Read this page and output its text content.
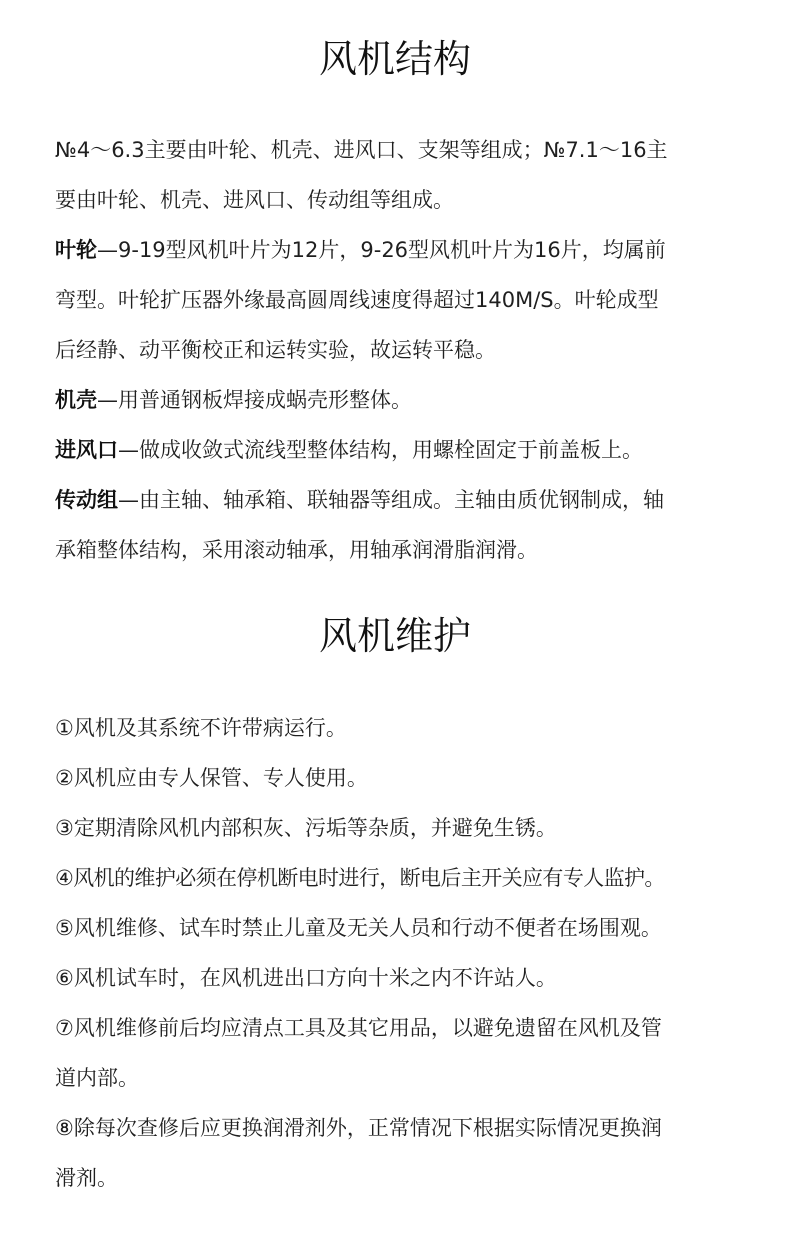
风机结构
№4～6.3主要由叶轮、机壳、进风口、支架等组成；№7.1～16主
要由叶轮、机壳、进风口、传动组等组成。
叶轮—9-19型风机叶片为12片，9-26型风机叶片为16片，均属前
弯型。叶轮扩压器外缘最高圆周线速度得超过140M/S。叶轮成型
后经静、动平衡校正和运转实验，故运转平稳。
机壳—用普通钢板焊接成蜗壳形整体。
进风口—做成收敛式流线型整体结构，用螺栓固定于前盖板上。
传动组—由主轴、轴承箱、联轴器等组成。主轴由质优钢制成，轴
承箱整体结构，采用滚动轴承，用轴承润滑脂润滑。
风机维护
①风机及其系统不许带病运行。
②风机应由专人保管、专人使用。
③定期清除风机内部积灰、污垢等杂质，并避免生锈。
④风机的维护必须在停机断电时进行，断电后主开关应有专人监护。
⑤风机维修、试车时禁止儿童及无关人员和行动不便者在场围观。
⑥风机试车时，在风机进出口方向十米之内不许站人。
⑦风机维修前后均应清点工具及其它用品，以避免遗留在风机及管
道内部。
⑧除每次查修后应更换润滑剂外，正常情况下根据实际情况更换润
滑剂。
